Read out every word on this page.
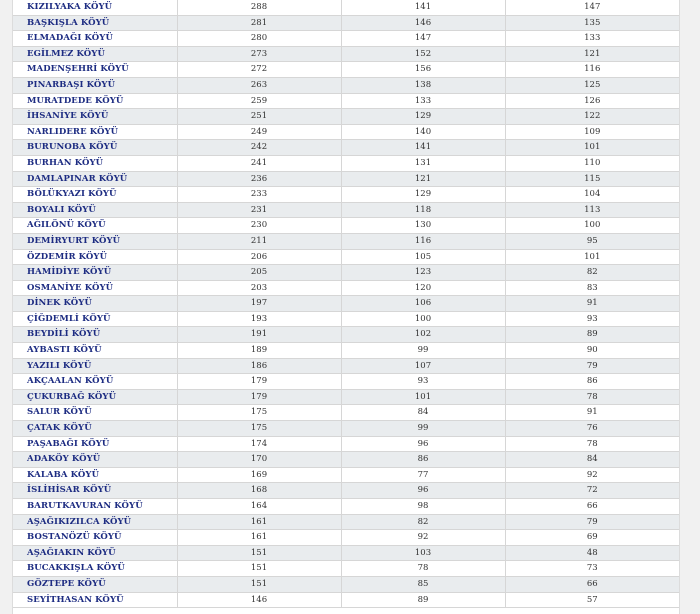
KIZILYAKA KÖYÜ	288	141	147
BAŞKIŞLA KÖYÜ	281	146	135
ELMADAĞI KÖYÜ	280	147	133
EGİLMEZ KÖYÜ	273	152	121
MADENŞEHRİ KÖYÜ	272	156	116
PINARBAŞI KÖYÜ	263	138	125
MURATDEDE KÖYÜ	259	133	126
İHSANİYE KÖYÜ	251	129	122
NARLIDERE KÖYÜ	249	140	109
BURUNOBA KÖYÜ	242	141	101
BURHAN KÖYÜ	241	131	110
DAMLAPINAR KÖYÜ	236	121	115
BÖLÜKYAZI KÖYÜ	233	129	104
BOYALI KÖYÜ	231	118	113
AĞILÖNÜ KÖYÜ	230	130	100
DEMİRYURT KÖYÜ	211	116	95
ÖZDEMİR KÖYÜ	206	105	101
HAMİDİYE KÖYÜ	205	123	82
OSMANİYE KÖYÜ	203	120	83
DİNEK KÖYÜ	197	106	91
ÇİĞDEMLİ KÖYÜ	193	100	93
BEYDİLİ KÖYÜ	191	102	89
AYBASTI KÖYÜ	189	99	90
YAZILI KÖYÜ	186	107	79
AKÇAALAN KÖYÜ	179	93	86
ÇUKURBAĞ KÖYÜ	179	101	78
SALUR KÖYÜ	175	84	91
ÇATAK KÖYÜ	175	99	76
PAŞABAĞI KÖYÜ	174	96	78
ADAKÖY KÖYÜ	170	86	84
KALABA KÖYÜ	169	77	92
İSLİHİSAR KÖYÜ	168	96	72
BARUTKAVURAN KÖYÜ	164	98	66
AŞAĞIKIZILCA KÖYÜ	161	82	79
BOSTANÖZÜ KÖYÜ	161	92	69
AŞAĞIAKIN KÖYÜ	151	103	48
BUCAKKIŞLA KÖYÜ	151	78	73
GÖZTEPE KÖYÜ	151	85	66
SEYİTHASAN KÖYÜ	146	89	57
